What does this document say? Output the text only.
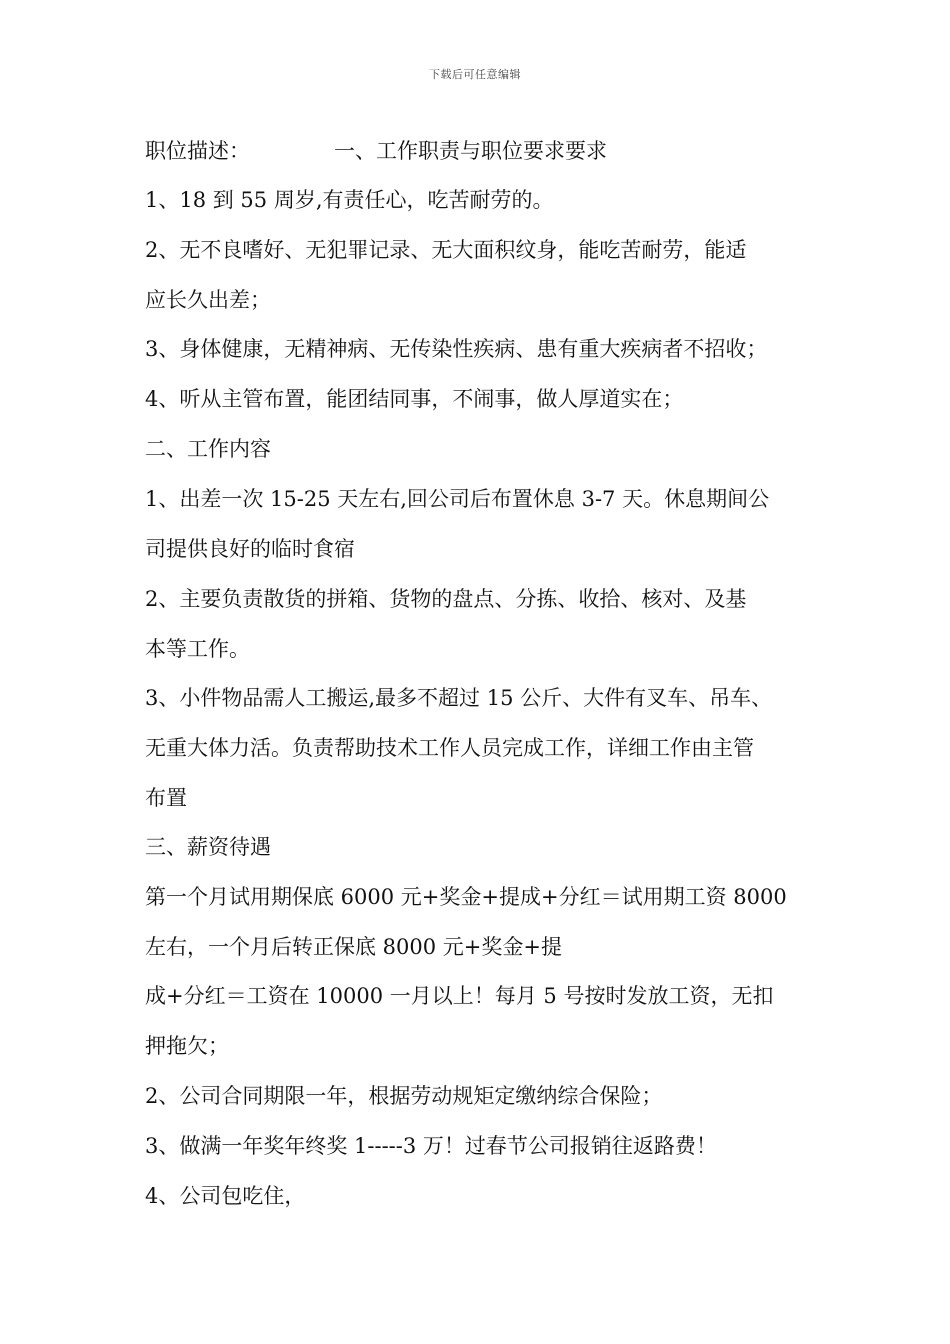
下载后可任意编辑
职位描述：	一、工作职责与职位要求要求
1、18 到 55 周岁,有责任心，吃苦耐劳的。
2、无不良嗜好、无犯罪记录、无大面积纹身，能吃苦耐劳，能适
应长久出差；
3、身体健康，无精神病、无传染性疾病、患有重大疾病者不招收；
4、听从主管布置，能团结同事，不闹事，做人厚道实在；
二、工作内容
1、出差一次 15-25 天左右,回公司后布置休息 3-7 天。休息期间公
司提供良好的临时食宿
2、主要负责散货的拼箱、货物的盘点、分拣、收拾、核对、及基
本等工作。
3、小件物品需人工搬运,最多不超过 15 公斤、大件有叉车、吊车、
无重大体力活。负责帮助技术工作人员完成工作，详细工作由主管
布置
三、薪资待遇
第一个月试用期保底 6000 元+奖金+提成+分红＝试用期工资 8000
左右，一个月后转正保底 8000 元+奖金+提
成+分红＝工资在 10000 一月以上！每月 5 号按时发放工资，无扣
押拖欠；
2、公司合同期限一年，根据劳动规矩定缴纳综合保险；
3、做满一年奖年终奖 1-----3 万！过春节公司报销往返路费！
4、公司包吃住，
